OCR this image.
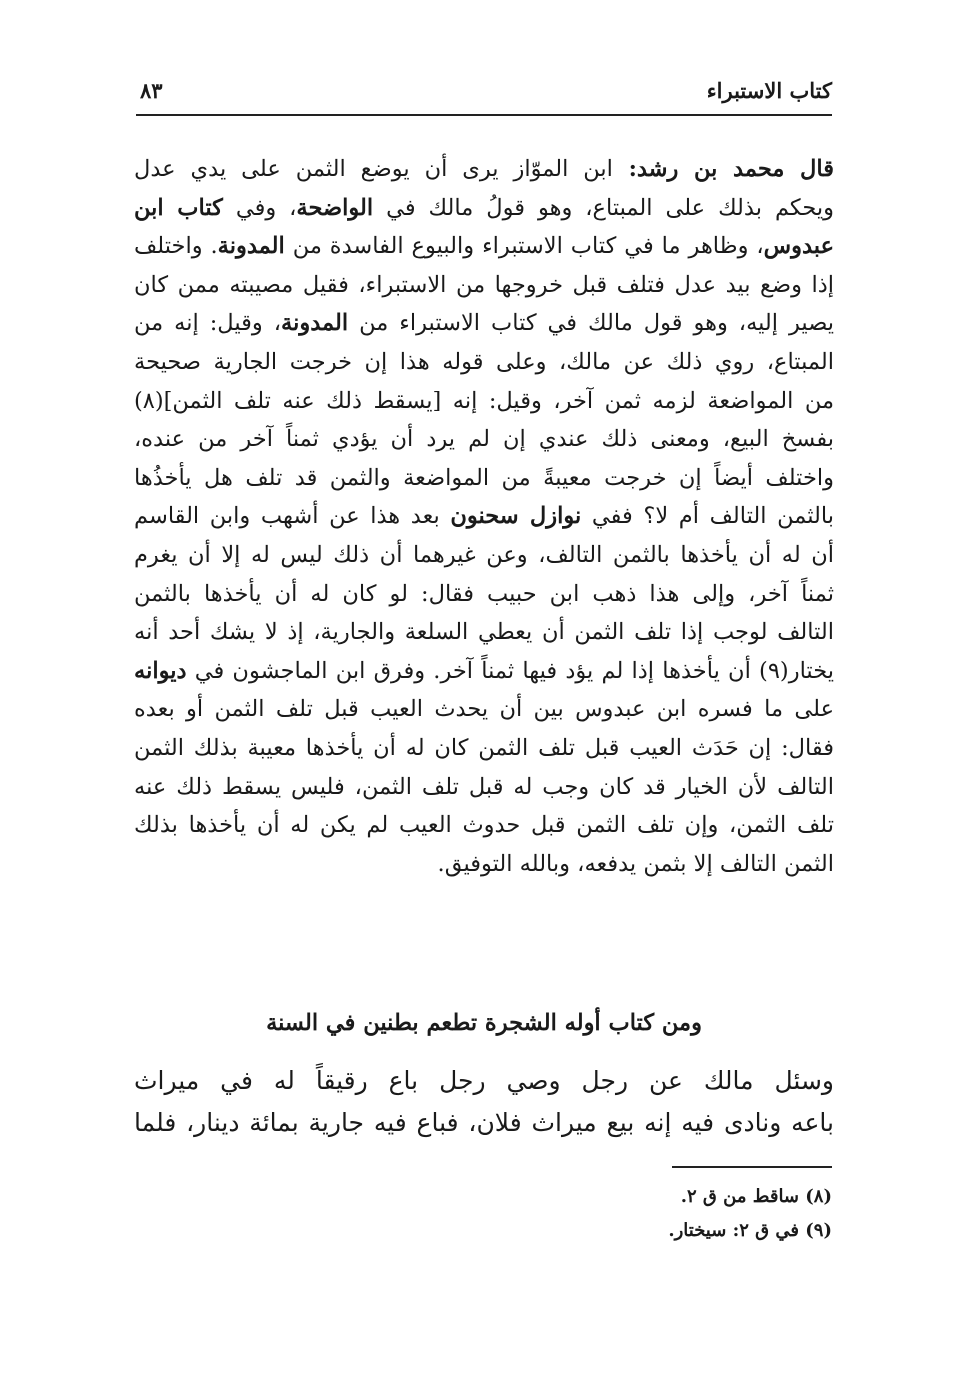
كتاب الاستبراء
٨٣
قال محمد بن رشد: ابن الموّاز يرى أن يوضع الثمن على يدي عدل
ويحكم بذلك على المبتاع، وهو قولُ مالك في الواضحة، وفي كتاب ابن
عبدوس، وظاهر ما في كتاب الاستبراء والبيوع الفاسدة من المدونة. واختلف
إذا وضع بيد عدل فتلف قبل خروجها من الاستبراء، فقيل مصيبته ممن كان
يصير إليه، وهو قول مالك في كتاب الاستبراء من المدونة، وقيل: إنه من
المبتاع، روي ذلك عن مالك، وعلى قوله هذا إن خرجت الجارية صحيحة
من المواضعة لزمه ثمن آخر، وقيل: إنه [يسقط ذلك عنه تلف الثمن](٨)
بفسخ البيع، ومعنى ذلك عندي إن لم يرد أن يؤدي ثمناً آخر من عنده،
واختلف أيضاً إن خرجت معيبةً من المواضعة والثمن قد تلف هل يأخذُها
بالثمن التالف أم لا؟ ففي نوازل سحنون بعد هذا عن أشهب وابن القاسم
أن له أن يأخذها بالثمن التالف، وعن غيرهما أن ذلك ليس له إلا أن يغرم
ثمناً آخر، وإلى هذا ذهب ابن حبيب فقال: لو كان له أن يأخذها بالثمن
التالف لوجب إذا تلف الثمن أن يعطي السلعة والجارية، إذ لا يشك أحد أنه
يختار(٩) أن يأخذها إذا لم يؤد فيها ثمناً آخر. وفرق ابن الماجشون في ديوانه
على ما فسره ابن عبدوس بين أن يحدث العيب قبل تلف الثمن أو بعده
فقال: إن حَدَث العيب قبل تلف الثمن كان له أن يأخذها معيبة بذلك الثمن
التالف لأن الخيار قد كان وجب له قبل تلف الثمن، فليس يسقط ذلك عنه
تلف الثمن، وإن تلف الثمن قبل حدوث العيب لم يكن له أن يأخذها بذلك
الثمن التالف إلا بثمن يدفعه، وبالله التوفيق.
ومن كتاب أوله الشجرة تطعم بطنين في السنة
وسئل مالك عن رجل وصي رجل باع رقيقاً له في ميراث
باعه ونادى فيه إنه بيع ميراث فلان، فباع فيه جارية بمائة دينار، فلما
(٨) ساقط من ق ٢.
(٩) في ق ٢: سيختار.
